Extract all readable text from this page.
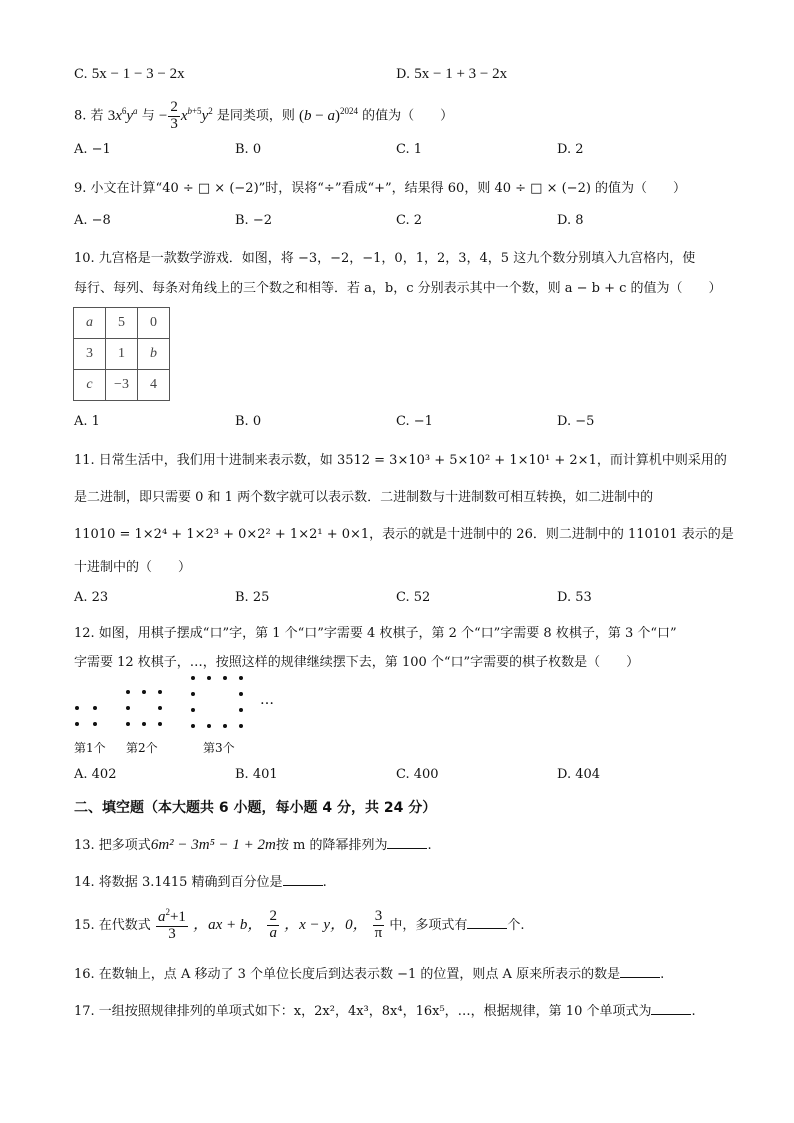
C. 5x − 1 − 3 − 2x	D. 5x − 1 + 3 − 2x
8. 若 $3x^6y^a$ 与 − $\frac{2}{3} x^{b+5}y^2$ 是同类项，则 $(b - a)^{2024}$ 的值为（　　）
A. −1	B. 0	C. 1	D. 2
9. 小文在计算“40 ÷ □ × (−2)”时，误将“÷”看成“+”，结果得 60，则 40 ÷ □ × (−2) 的值为（　　）
A. −8	B. −2	C. 2	D. 8
10. 九宫格是一款数学游戏．如图，将 −3，−2，−1，0，1，2，3，4，5 这九个数分别填入九宫格内，使
每行、每列、每条对角线上的三个数之和相等．若 a，b，c 分别表示其中一个数，则 a − b + c 的值为（　　）
a	5	0
3	1	b
c	−3	4
A. 1	B. 0	C. −1	D. −5
11. 日常生活中，我们用十进制来表示数，如 3512 = 3×10³ + 5×10² + 1×10¹ + 2×1，而计算机中则采用的
是二进制，即只需要 0 和 1 两个数字就可以表示数．二进制数与十进制数可相互转换，如二进制中的
11010 = 1×2⁴ + 1×2³ + 0×2² + 1×2¹ + 0×1，表示的就是十进制中的 26．则二进制中的 110101 表示的是
十进制中的（　　）
A. 23	B. 25	C. 52	D. 53
12. 如图，用棋子摆成“口”字，第 1 个“口”字需要 4 枚棋子，第 2 个“口”字需要 8 枚棋子，第 3 个“口”
字需要 12 枚棋子，…，按照这样的规律继续摆下去，第 100 个“口”字需要的棋子枚数是（　　）
…
第1个 第2个	第3个
A. 402	B. 401	C. 400	D. 404
二、填空题（本大题共 6 小题，每小题 4 分，共 24 分）
13. 把多项式6m² − 3m⁵ − 1 + 2m按 m 的降幂排列为	.
14. 将数据 3.1415 精确到百分位是	.
15. 在代数式 $\frac{a^2+1}{3}$ ，ax + b， $\frac{2}{a}$ ，x − y，0， $\frac{3}{\pi}$ 中，多项式有	个.
16. 在数轴上，点 A 移动了 3 个单位长度后到达表示数 −1 的位置，则点 A 原来所表示的数是	.
17. 一组按照规律排列的单项式如下：x，2x²，4x³，8x⁴，16x⁵，…，根据规律，第 10 个单项式为	.
